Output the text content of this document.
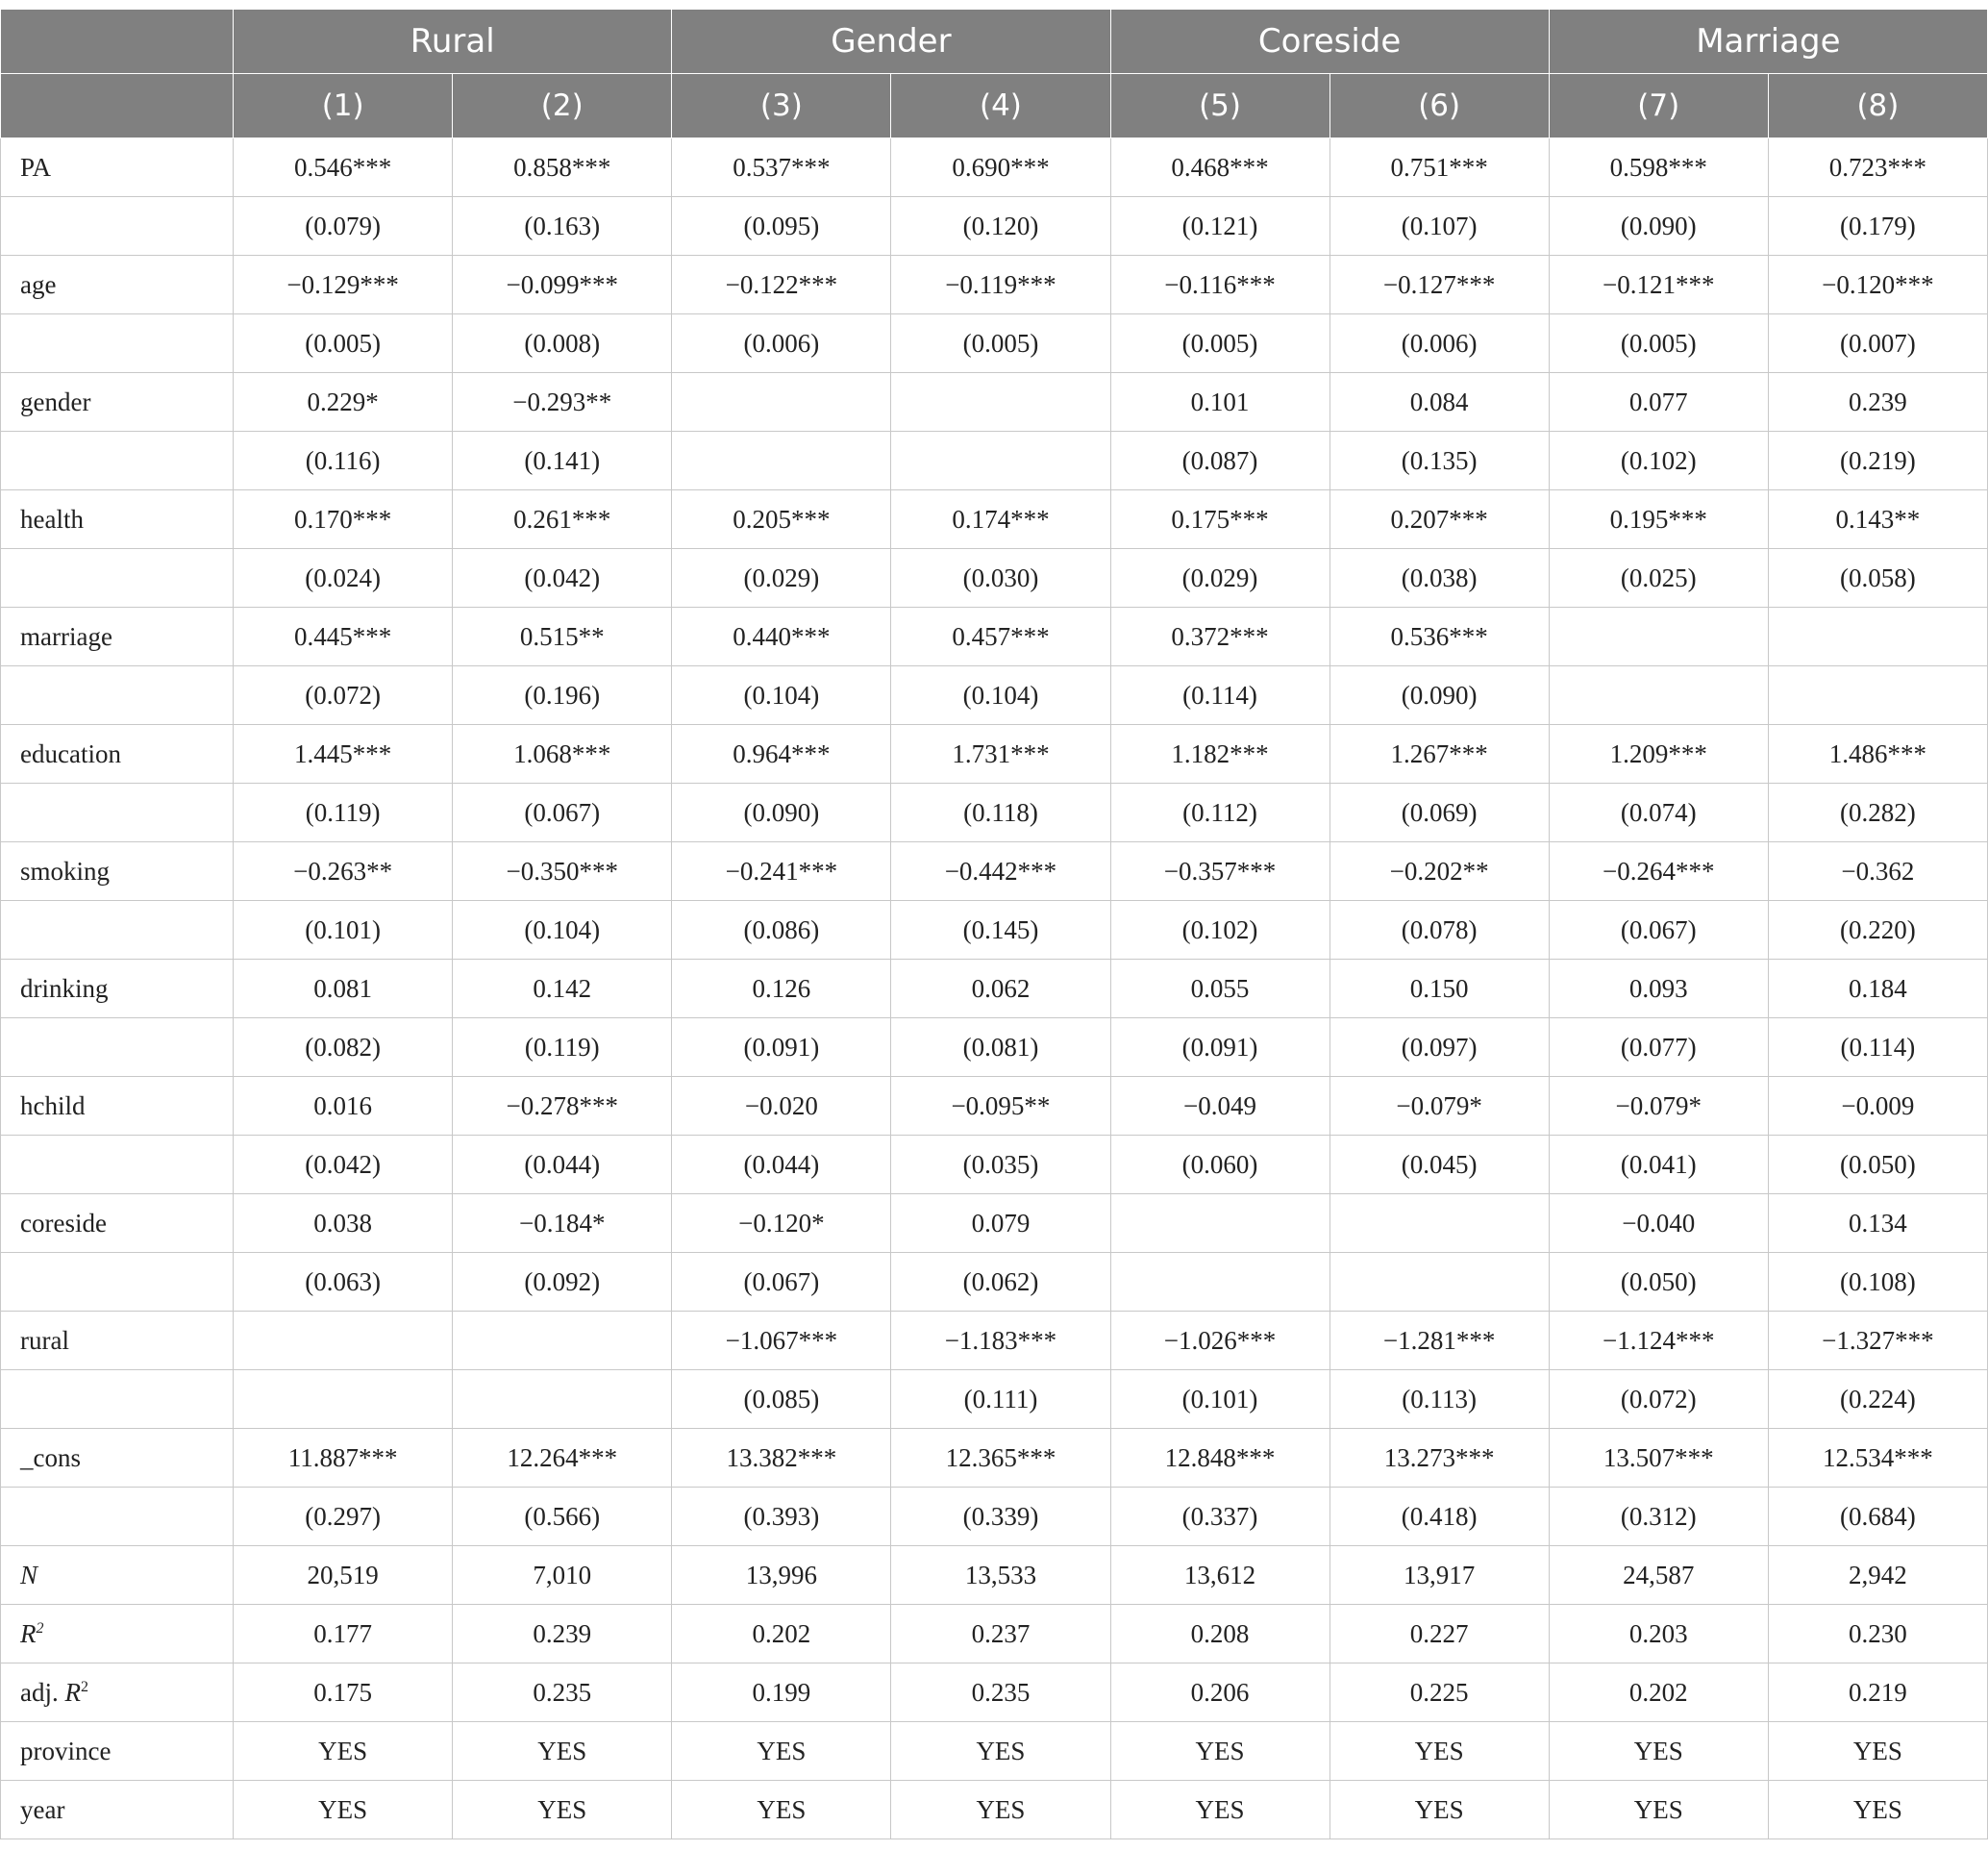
	Rural		Gender		Coreside		Marriage	
	(1)	(2)	(3)	(4)	(5)	(6)	(7)	(8)
PA	0.546***	0.858***	0.537***	0.690***	0.468***	0.751***	0.598***	0.723***
	(0.079)	(0.163)	(0.095)	(0.120)	(0.121)	(0.107)	(0.090)	(0.179)
age	−0.129***	−0.099***	−0.122***	−0.119***	−0.116***	−0.127***	−0.121***	−0.120***
	(0.005)	(0.008)	(0.006)	(0.005)	(0.005)	(0.006)	(0.005)	(0.007)
gender	0.229*	−0.293**			0.101	0.084	0.077	0.239
	(0.116)	(0.141)			(0.087)	(0.135)	(0.102)	(0.219)
health	0.170***	0.261***	0.205***	0.174***	0.175***	0.207***	0.195***	0.143**
	(0.024)	(0.042)	(0.029)	(0.030)	(0.029)	(0.038)	(0.025)	(0.058)
marriage	0.445***	0.515**	0.440***	0.457***	0.372***	0.536***		
	(0.072)	(0.196)	(0.104)	(0.104)	(0.114)	(0.090)		
education	1.445***	1.068***	0.964***	1.731***	1.182***	1.267***	1.209***	1.486***
	(0.119)	(0.067)	(0.090)	(0.118)	(0.112)	(0.069)	(0.074)	(0.282)
smoking	−0.263**	−0.350***	−0.241***	−0.442***	−0.357***	−0.202**	−0.264***	−0.362
	(0.101)	(0.104)	(0.086)	(0.145)	(0.102)	(0.078)	(0.067)	(0.220)
drinking	0.081	0.142	0.126	0.062	0.055	0.150	0.093	0.184
	(0.082)	(0.119)	(0.091)	(0.081)	(0.091)	(0.097)	(0.077)	(0.114)
hchild	0.016	−0.278***	−0.020	−0.095**	−0.049	−0.079*	−0.079*	−0.009
	(0.042)	(0.044)	(0.044)	(0.035)	(0.060)	(0.045)	(0.041)	(0.050)
coreside	0.038	−0.184*	−0.120*	0.079			−0.040	0.134
	(0.063)	(0.092)	(0.067)	(0.062)			(0.050)	(0.108)
rural			−1.067***	−1.183***	−1.026***	−1.281***	−1.124***	−1.327***
			(0.085)	(0.111)	(0.101)	(0.113)	(0.072)	(0.224)
_cons	11.887***	12.264***	13.382***	12.365***	12.848***	13.273***	13.507***	12.534***
	(0.297)	(0.566)	(0.393)	(0.339)	(0.337)	(0.418)	(0.312)	(0.684)
N	20,519	7,010	13,996	13,533	13,612	13,917	24,587	2,942
$R^2$	0.177	0.239	0.202	0.237	0.208	0.227	0.203	0.230
adj. $R^2$	0.175	0.235	0.199	0.235	0.206	0.225	0.202	0.219
province	YES	YES	YES	YES	YES	YES	YES	YES
year	YES	YES	YES	YES	YES	YES	YES	YES
